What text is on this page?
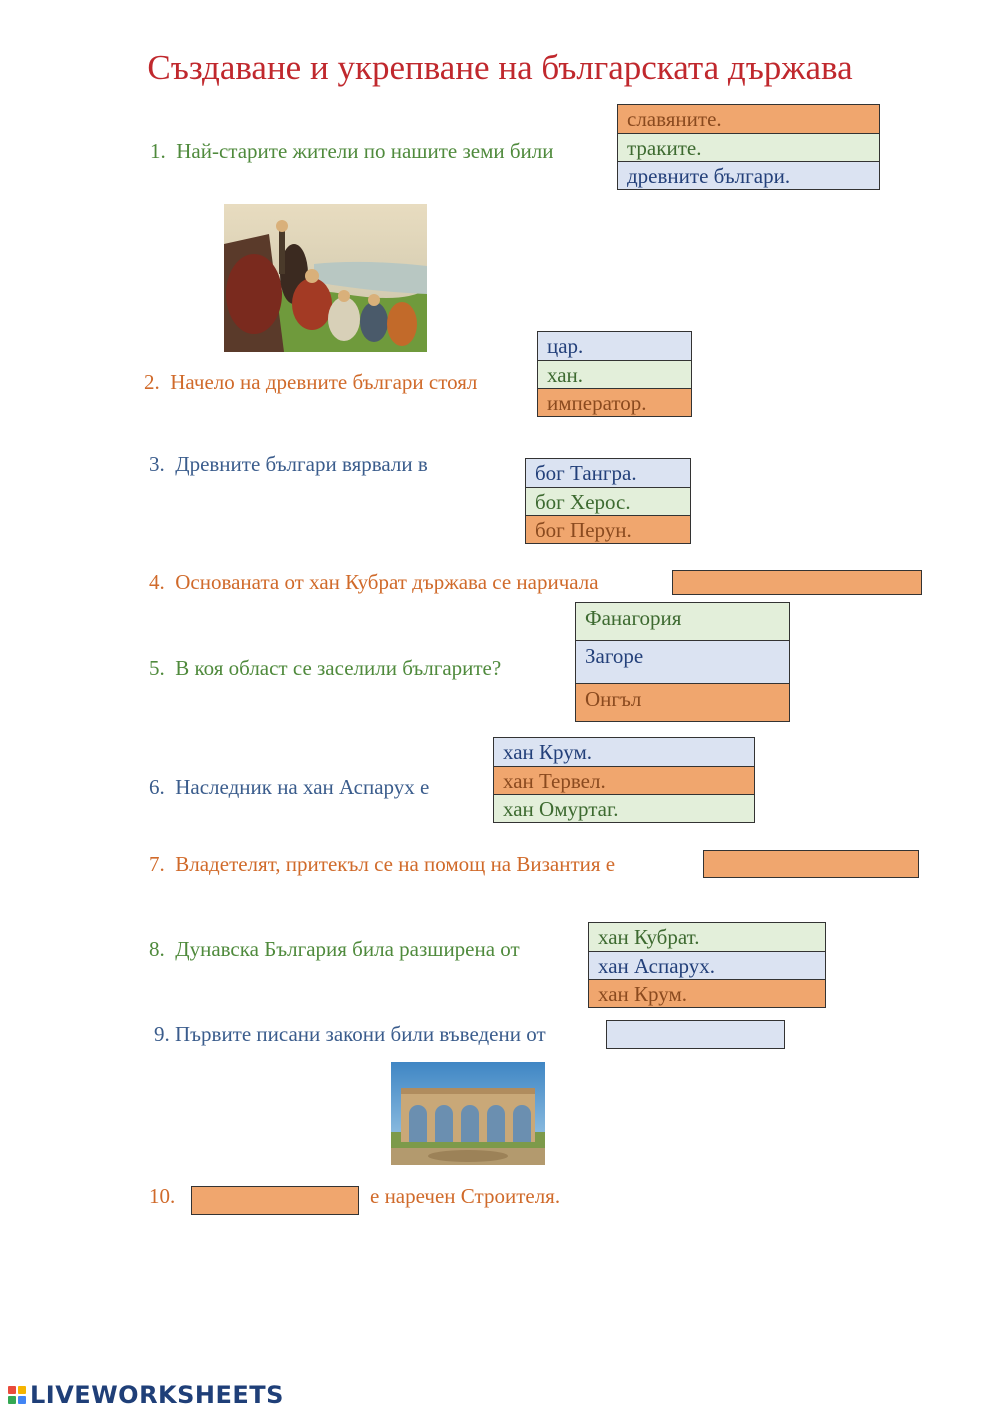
Създаване и укрепване на българската държава
1. Най-старите жители по нашите земи били
славяните.
траките.
древните българи.
2. Начело на древните българи стоял
цар.
хан.
император.
3. Древните българи вярвали в	бог Тангра.
бог Херос.
бог Перун.
4. Основаната от хан Кубрат държава се наричала
5. В коя област се заселили българите?
Фанагория
Загоре
Онгъл
6. Наследник на хан Аспарух е
хан Крум.
хан Тервел.
хан Омуртаг.
7. Владетелят, притекъл се на помощ на Византия е
8. Дунавска България била разширена от	хан Кубрат.
хан Аспарух.
хан Крум.
9. Първите писани закони били въведени от
10.	е наречен Строителя.
LIVEWORKSHEETS
